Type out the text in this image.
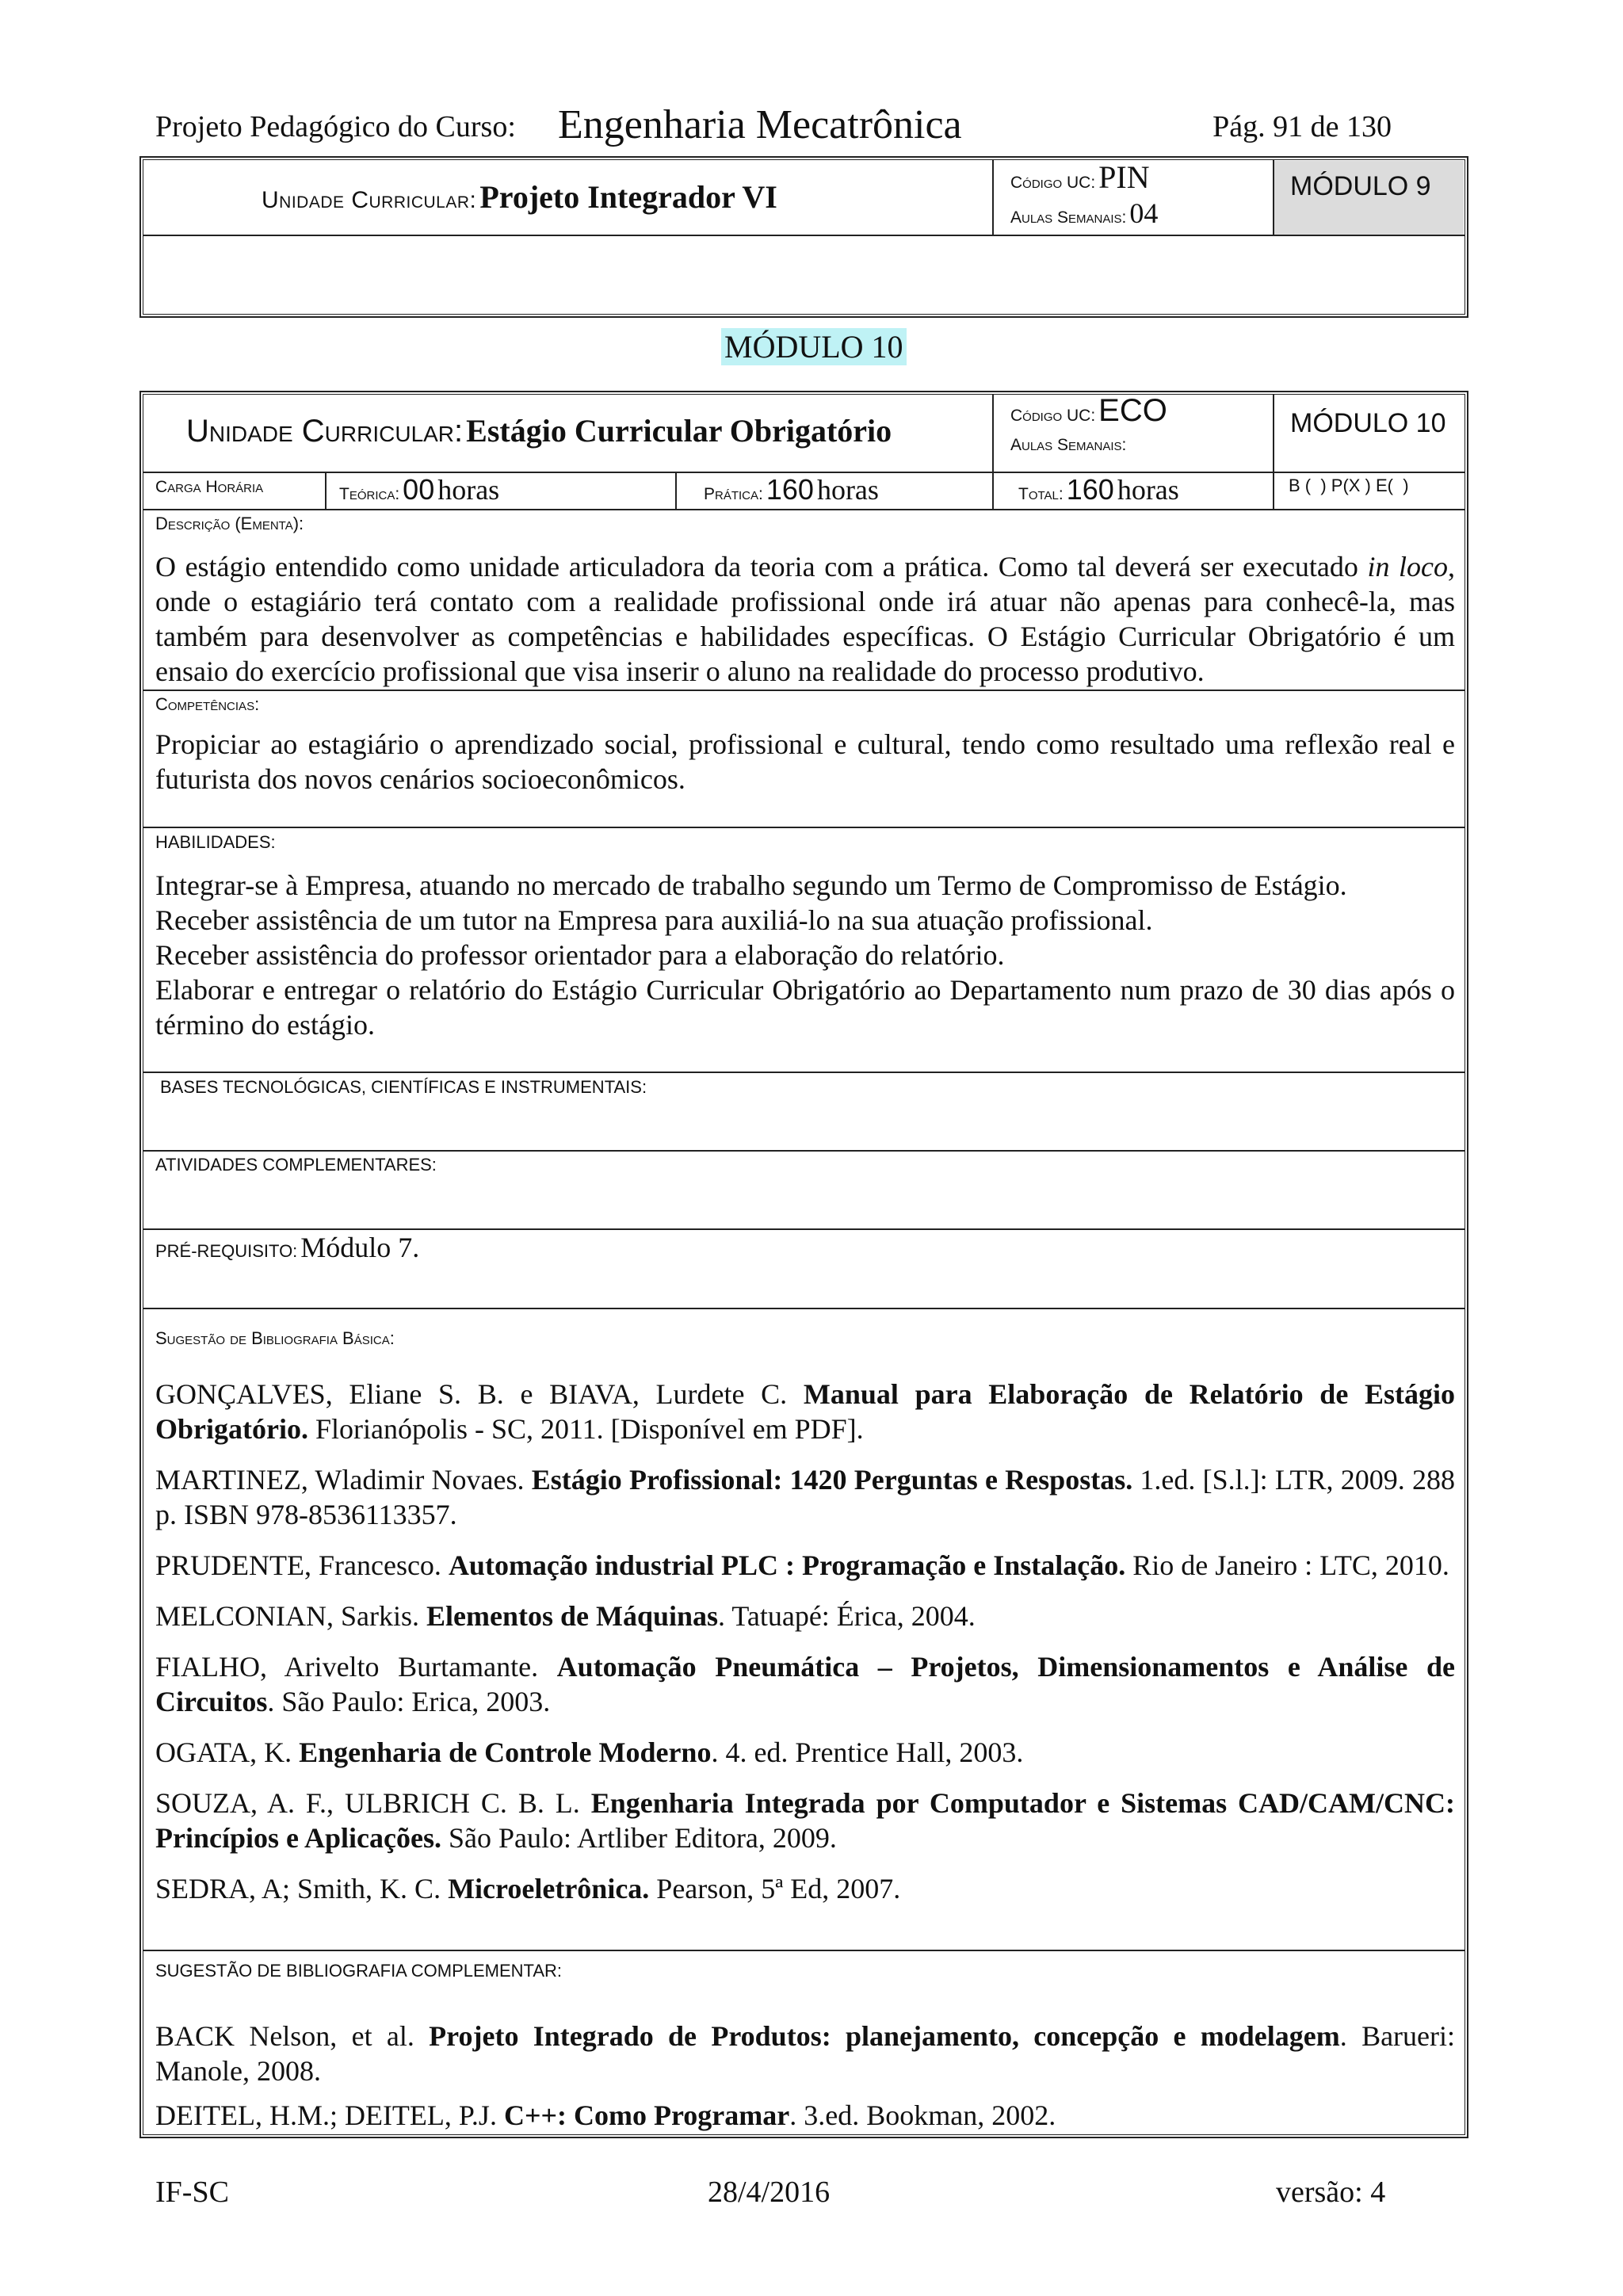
Projeto Pedagógico do Curso: Engenharia Mecatrônica	Pág. 91 de 130
Unidade Curricular: Projeto Integrador VI	Código UC: PIN
Aulas Semanais: 04
MÓDULO 9
MÓDULO 10
Unidade Curricular: Estágio Curricular Obrigatório	Código UC: ECO
Aulas Semanais:
MÓDULO 10
Carga Horária	Teórica: 00 horas	Prática: 160 horas	Total: 160 horas	B (  ) P(X ) E(  )
Descrição (Ementa):
O estágio entendido como unidade articuladora da teoria com a prática. Como tal deverá ser executado in loco, onde o estagiário terá contato com a realidade profissional onde irá atuar não apenas para conhecê-la, mas também para desenvolver as competências e habilidades específicas. O Estágio Curricular Obrigatório é um ensaio do exercício profissional que visa inserir o aluno na realidade do processo produtivo.
Competências:
Propiciar ao estagiário o aprendizado social, profissional e cultural, tendo como resultado uma reflexão real e futurista dos novos cenários socioeconômicos.
HABILIDADES:
Integrar-se à Empresa, atuando no mercado de trabalho segundo um Termo de Compromisso de Estágio.
Receber assistência de um tutor na Empresa para auxiliá-lo na sua atuação profissional.
Receber assistência do professor orientador para a elaboração do relatório.
Elaborar e entregar o relatório do Estágio Curricular Obrigatório ao Departamento num prazo de 30 dias após o término do estágio.
BASES TECNOLÓGICAS, CIENTÍFICAS E INSTRUMENTAIS:
ATIVIDADES COMPLEMENTARES:
PRÉ-REQUISITO: Módulo 7.
Sugestão de Bibliografia Básica:

GONÇALVES, Eliane S. B. e BIAVA, Lurdete C. Manual para Elaboração de Relatório de Estágio Obrigatório. Florianópolis - SC, 2011. [Disponível em PDF].

MARTINEZ, Wladimir Novaes. Estágio Profissional: 1420 Perguntas e Respostas. 1.ed. [S.l.]: LTR, 2009. 288 p. ISBN 978-8536113357.

PRUDENTE, Francesco. Automação industrial PLC : Programação e Instalação. Rio de Janeiro : LTC, 2010.

MELCONIAN, Sarkis. Elementos de Máquinas. Tatuapé: Érica, 2004.

FIALHO, Arivelto Burtamante. Automação Pneumática – Projetos, Dimensionamentos e Análise de Circuitos. São Paulo: Erica, 2003.

OGATA, K. Engenharia de Controle Moderno. 4. ed. Prentice Hall, 2003.

SOUZA, A. F., ULBRICH C. B. L. Engenharia Integrada por Computador e Sistemas CAD/CAM/CNC: Princípios e Aplicações. São Paulo: Artliber Editora, 2009.

SEDRA, A; Smith, K. C. Microeletrônica. Pearson, 5ª Ed, 2007.

SUGESTÃO DE BIBLIOGRAFIA COMPLEMENTAR:

BACK Nelson, et al. Projeto Integrado de Produtos: planejamento, concepção e modelagem. Barueri: Manole, 2008.

DEITEL, H.M.; DEITEL, P.J. C++: Como Programar. 3.ed. Bookman, 2002.

IF-SC	28/4/2016	versão: 4
